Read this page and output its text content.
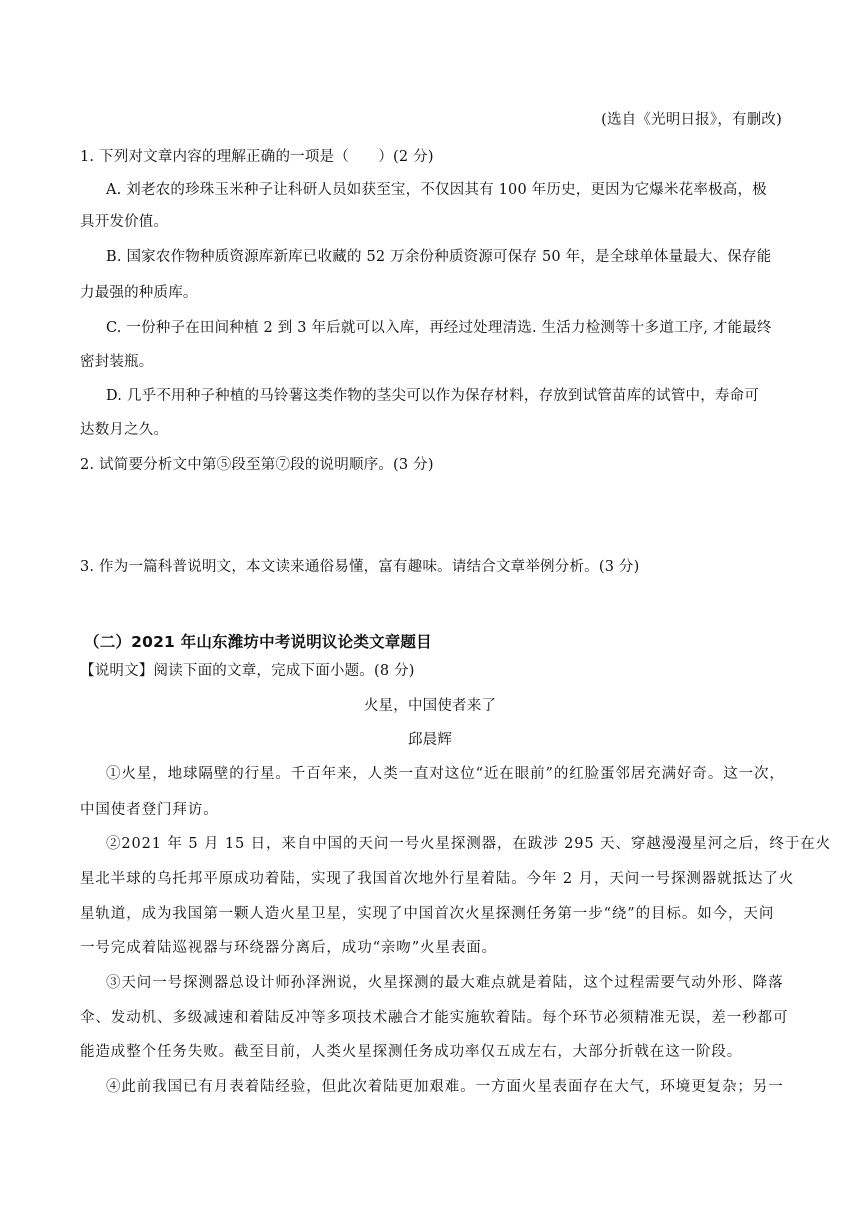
(选自《光明日报》，有删改)
1. 下列对文章内容的理解正确的一项是（　　）(2 分)
A. 刘老农的珍珠玉米种子让科研人员如获至宝，不仅因其有 100 年历史，更因为它爆米花率极高，极
具开发价值。
B. 国家农作物种质资源库新库已收藏的 52 万余份种质资源可保存 50 年，是全球单体量最大、保存能
力最强的种质库。
C. 一份种子在田间种植 2 到 3 年后就可以入库，再经过处理清选. 生活力检测等十多道工序, 才能最终
密封装瓶。
D. 几乎不用种子种植的马铃薯这类作物的茎尖可以作为保存材料，存放到试管苗库的试管中，寿命可
达数月之久。
2. 试简要分析文中第⑤段至第⑦段的说明顺序。(3 分)
3. 作为一篇科普说明文，本文读来通俗易懂，富有趣味。请结合文章举例分析。(3 分)
（二）2021 年山东潍坊中考说明议论类文章题目
【说明文】阅读下面的文章，完成下面小题。(8 分)
火星，中国使者来了
邱晨辉
①火星，地球隔壁的行星。千百年来，人类一直对这位“近在眼前”的红脸蛋邻居充满好奇。这一次，
中国使者登门拜访。
②2021 年 5 月 15 日，来自中国的天问一号火星探测器，在跋涉 295 天、穿越漫漫星河之后，终于在火
星北半球的乌托邦平原成功着陆，实现了我国首次地外行星着陆。今年 2 月，天问一号探测器就抵达了火
星轨道，成为我国第一颗人造火星卫星，实现了中国首次火星探测任务第一步“绕”的目标。如今，天问
一号完成着陆巡视器与环绕器分离后，成功“亲吻”火星表面。
③天问一号探测器总设计师孙泽洲说，火星探测的最大难点就是着陆，这个过程需要气动外形、降落
伞、发动机、多级减速和着陆反冲等多项技术融合才能实施软着陆。每个环节必须精准无误，差一秒都可
能造成整个任务失败。截至目前，人类火星探测任务成功率仅五成左右，大部分折戟在这一阶段。
④此前我国已有月表着陆经验，但此次着陆更加艰难。一方面火星表面存在大气，环境更复杂；另一
